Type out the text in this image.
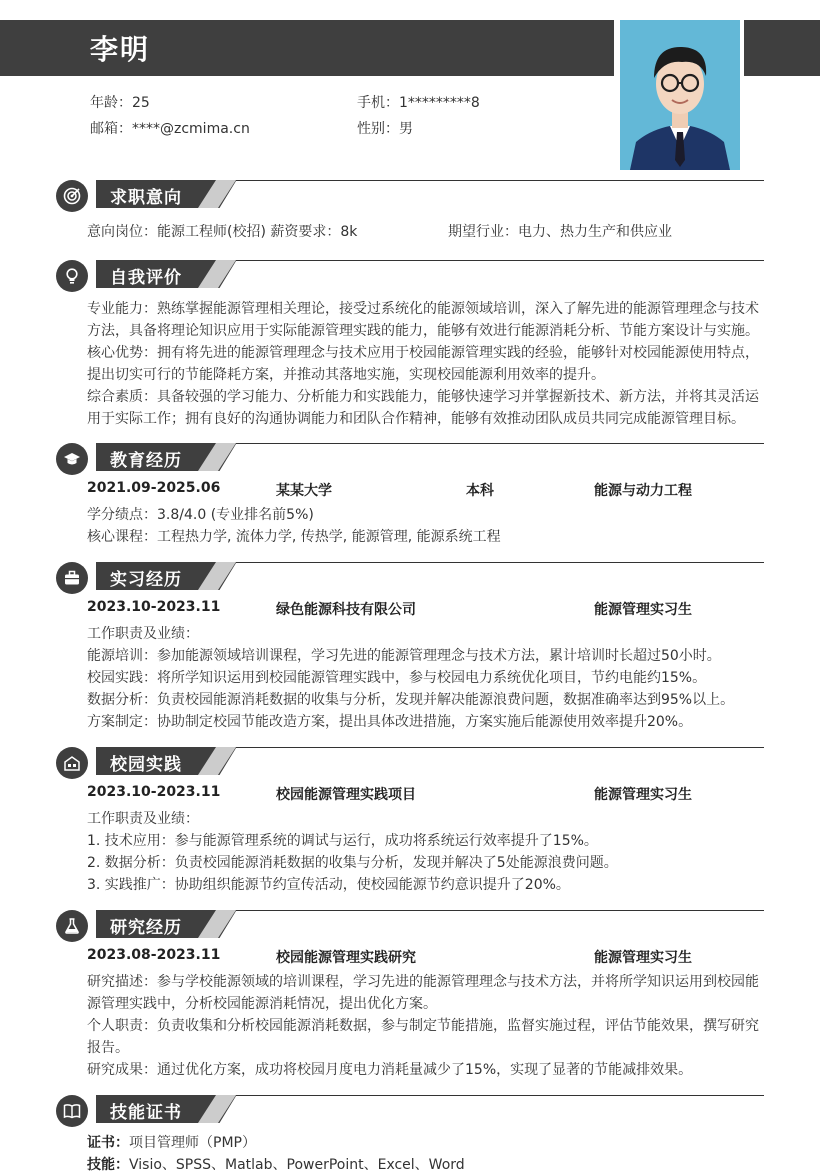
李明
年龄：25	手机：1*********8
邮箱：****@zcmima.cn	性别：男
求职意向
意向岗位：能源工程师(校招) 薪资要求：8k	期望行业：电力、热力生产和供应业
自我评价
专业能力：熟练掌握能源管理相关理论，接受过系统化的能源领域培训，深入了解先进的能源管理理念与技术方法，具备将理论知识应用于实际能源管理实践的能力，能够有效进行能源消耗分析、节能方案设计与实施。
核心优势：拥有将先进的能源管理理念与技术应用于校园能源管理实践的经验，能够针对校园能源使用特点，提出切实可行的节能降耗方案，并推动其落地实施，实现校园能源利用效率的提升。
综合素质：具备较强的学习能力、分析能力和实践能力，能够快速学习并掌握新技术、新方法，并将其灵活运用于实际工作；拥有良好的沟通协调能力和团队合作精神，能够有效推动团队成员共同完成能源管理目标。
教育经历
2021.09-2025.06	某某大学	本科	能源与动力工程
学分绩点：3.8/4.0 (专业排名前5%)
核心课程：工程热力学, 流体力学, 传热学, 能源管理, 能源系统工程
实习经历
2023.10-2023.11	绿色能源科技有限公司	能源管理实习生
工作职责及业绩：
能源培训：参加能源领域培训课程，学习先进的能源管理理念与技术方法，累计培训时长超过50小时。
校园实践：将所学知识运用到校园能源管理实践中，参与校园电力系统优化项目，节约电能约15%。
数据分析：负责校园能源消耗数据的收集与分析，发现并解决能源浪费问题，数据准确率达到95%以上。
方案制定：协助制定校园节能改造方案，提出具体改进措施，方案实施后能源使用效率提升20%。
校园实践
2023.10-2023.11	校园能源管理实践项目	能源管理实习生
工作职责及业绩：
1. 技术应用：参与能源管理系统的调试与运行，成功将系统运行效率提升了15%。
2. 数据分析：负责校园能源消耗数据的收集与分析，发现并解决了5处能源浪费问题。
3. 实践推广：协助组织能源节约宣传活动，使校园能源节约意识提升了20%。
研究经历
2023.08-2023.11	校园能源管理实践研究	能源管理实习生
研究描述：参与学校能源领域的培训课程，学习先进的能源管理理念与技术方法，并将所学知识运用到校园能源管理实践中，分析校园能源消耗情况，提出优化方案。
个人职责：负责收集和分析校园能源消耗数据，参与制定节能措施，监督实施过程，评估节能效果，撰写研究报告。
研究成果：通过优化方案，成功将校园月度电力消耗量减少了15%，实现了显著的节能减排效果。
技能证书
证书：项目管理师（PMP）
技能：Visio、SPSS、Matlab、PowerPoint、Excel、Word
